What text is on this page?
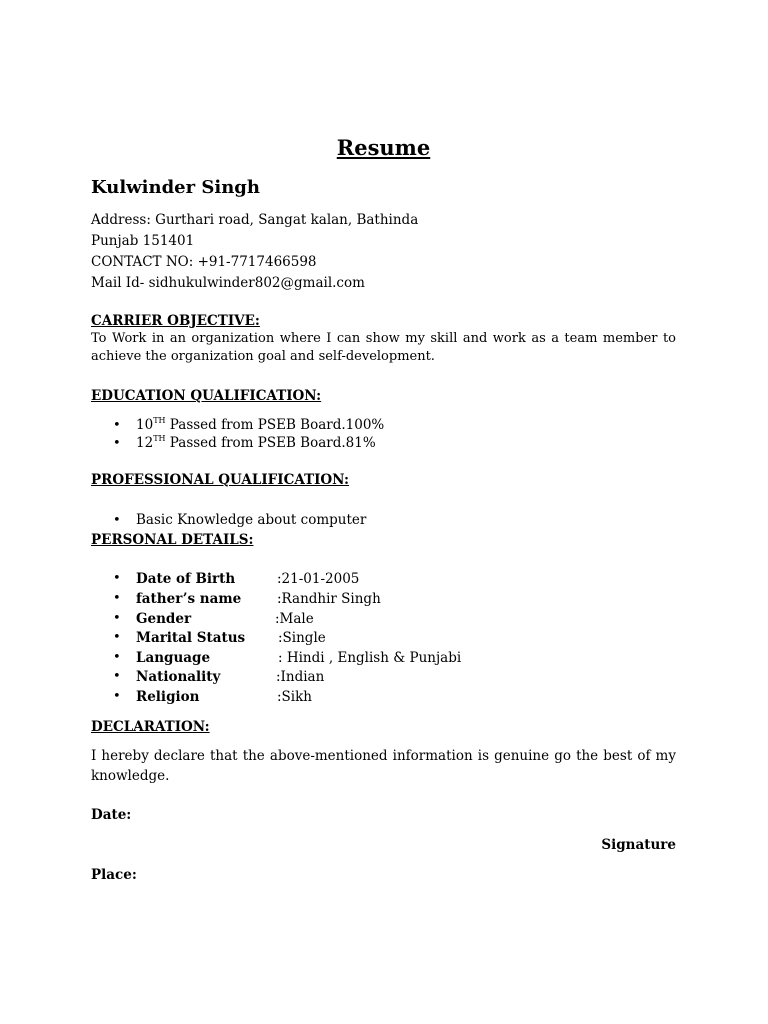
Resume
Kulwinder Singh
Address: Gurthari road, Sangat kalan, Bathinda
Punjab 151401
CONTACT NO: +91-7717466598
Mail Id- sidhukulwinder802@gmail.com
CARRIER OBJECTIVE:
To Work in an organization where I can show my skill and work as a team member to achieve the organization goal and self-development.
EDUCATION QUALIFICATION:
• 10TH Passed from PSEB Board.100%
• 12TH Passed from PSEB Board.81%
PROFESSIONAL QUALIFICATION:
• Basic Knowledge about computer
PERSONAL DETAILS:
• Date of Birth	:21-01-2005
• father’s name	:Randhir Singh
• Gender	:Male
• Marital Status :Single
• Language	: Hindi , English & Punjabi
• Nationality	:Indian
• Religion	:Sikh
DECLARATION:
I hereby declare that the above-mentioned information is genuine go the best of my knowledge.
Date:
Signature
Place:
